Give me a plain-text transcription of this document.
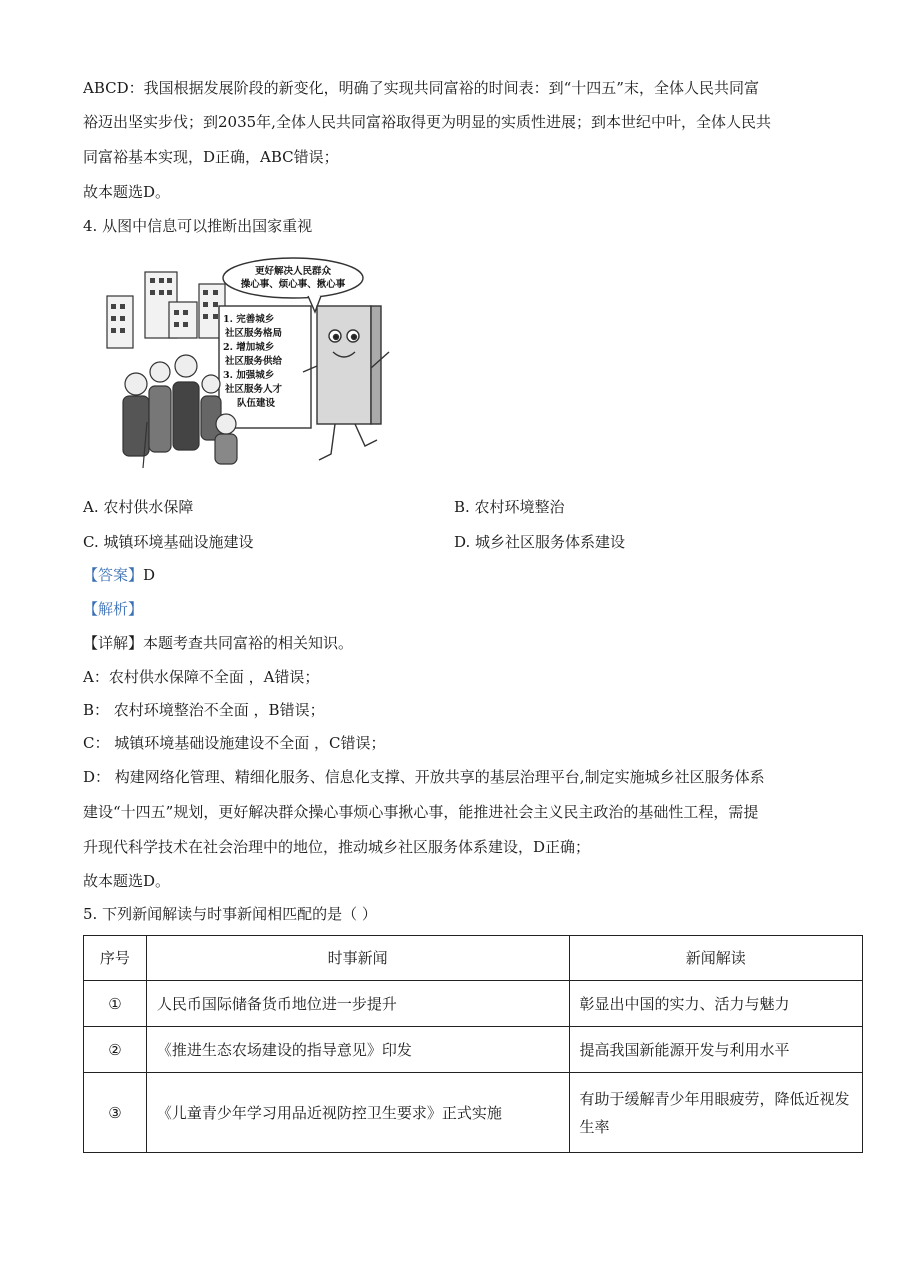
ABCD：我国根据发展阶段的新变化，明确了实现共同富裕的时间表：到“十四五”末，全体人民共同富
裕迈出坚实步伐；到2035年,全体人民共同富裕取得更为明显的实质性进展；到本世纪中叶，全体人民共
同富裕基本实现，D正确，ABC错误；
故本题选D。
4. 从图中信息可以推断出国家重视
更好解决人民群众
操心事、烦心事、揪心事
1. 完善城乡
社区服务格局
2. 增加城乡
社区服务供给
3. 加强城乡
社区服务人才
队伍建设
A. 农村供水保障	B. 农村环境整治
C. 城镇环境基础设施建设	D. 城乡社区服务体系建设
【答案】D
【解析】
【详解】本题考查共同富裕的相关知识。
A：农村供水保障不全面 ，A错误；
B： 农村环境整治不全面 ，B错误；
C： 城镇环境基础设施建设不全面 ，C错误；
D： 构建网络化管理、精细化服务、信息化支撑、开放共享的基层治理平台,制定实施城乡社区服务体系
建设“十四五”规划，更好解决群众操心事烦心事揪心事，能推进社会主义民主政治的基础性工程，需提
升现代科学技术在社会治理中的地位，推动城乡社区服务体系建设，D正确；
故本题选D。
5. 下列新闻解读与时事新闻相匹配的是（ ）
序号	时事新闻	新闻解读
①	人民币国际储备货币地位进一步提升	彰显出中国的实力、活力与魅力
②	《推进生态农场建设的指导意见》印发	提高我国新能源开发与利用水平
③	《儿童青少年学习用品近视防控卫生要求》正式实施	有助于缓解青少年用眼疲劳，降低近视发生率
